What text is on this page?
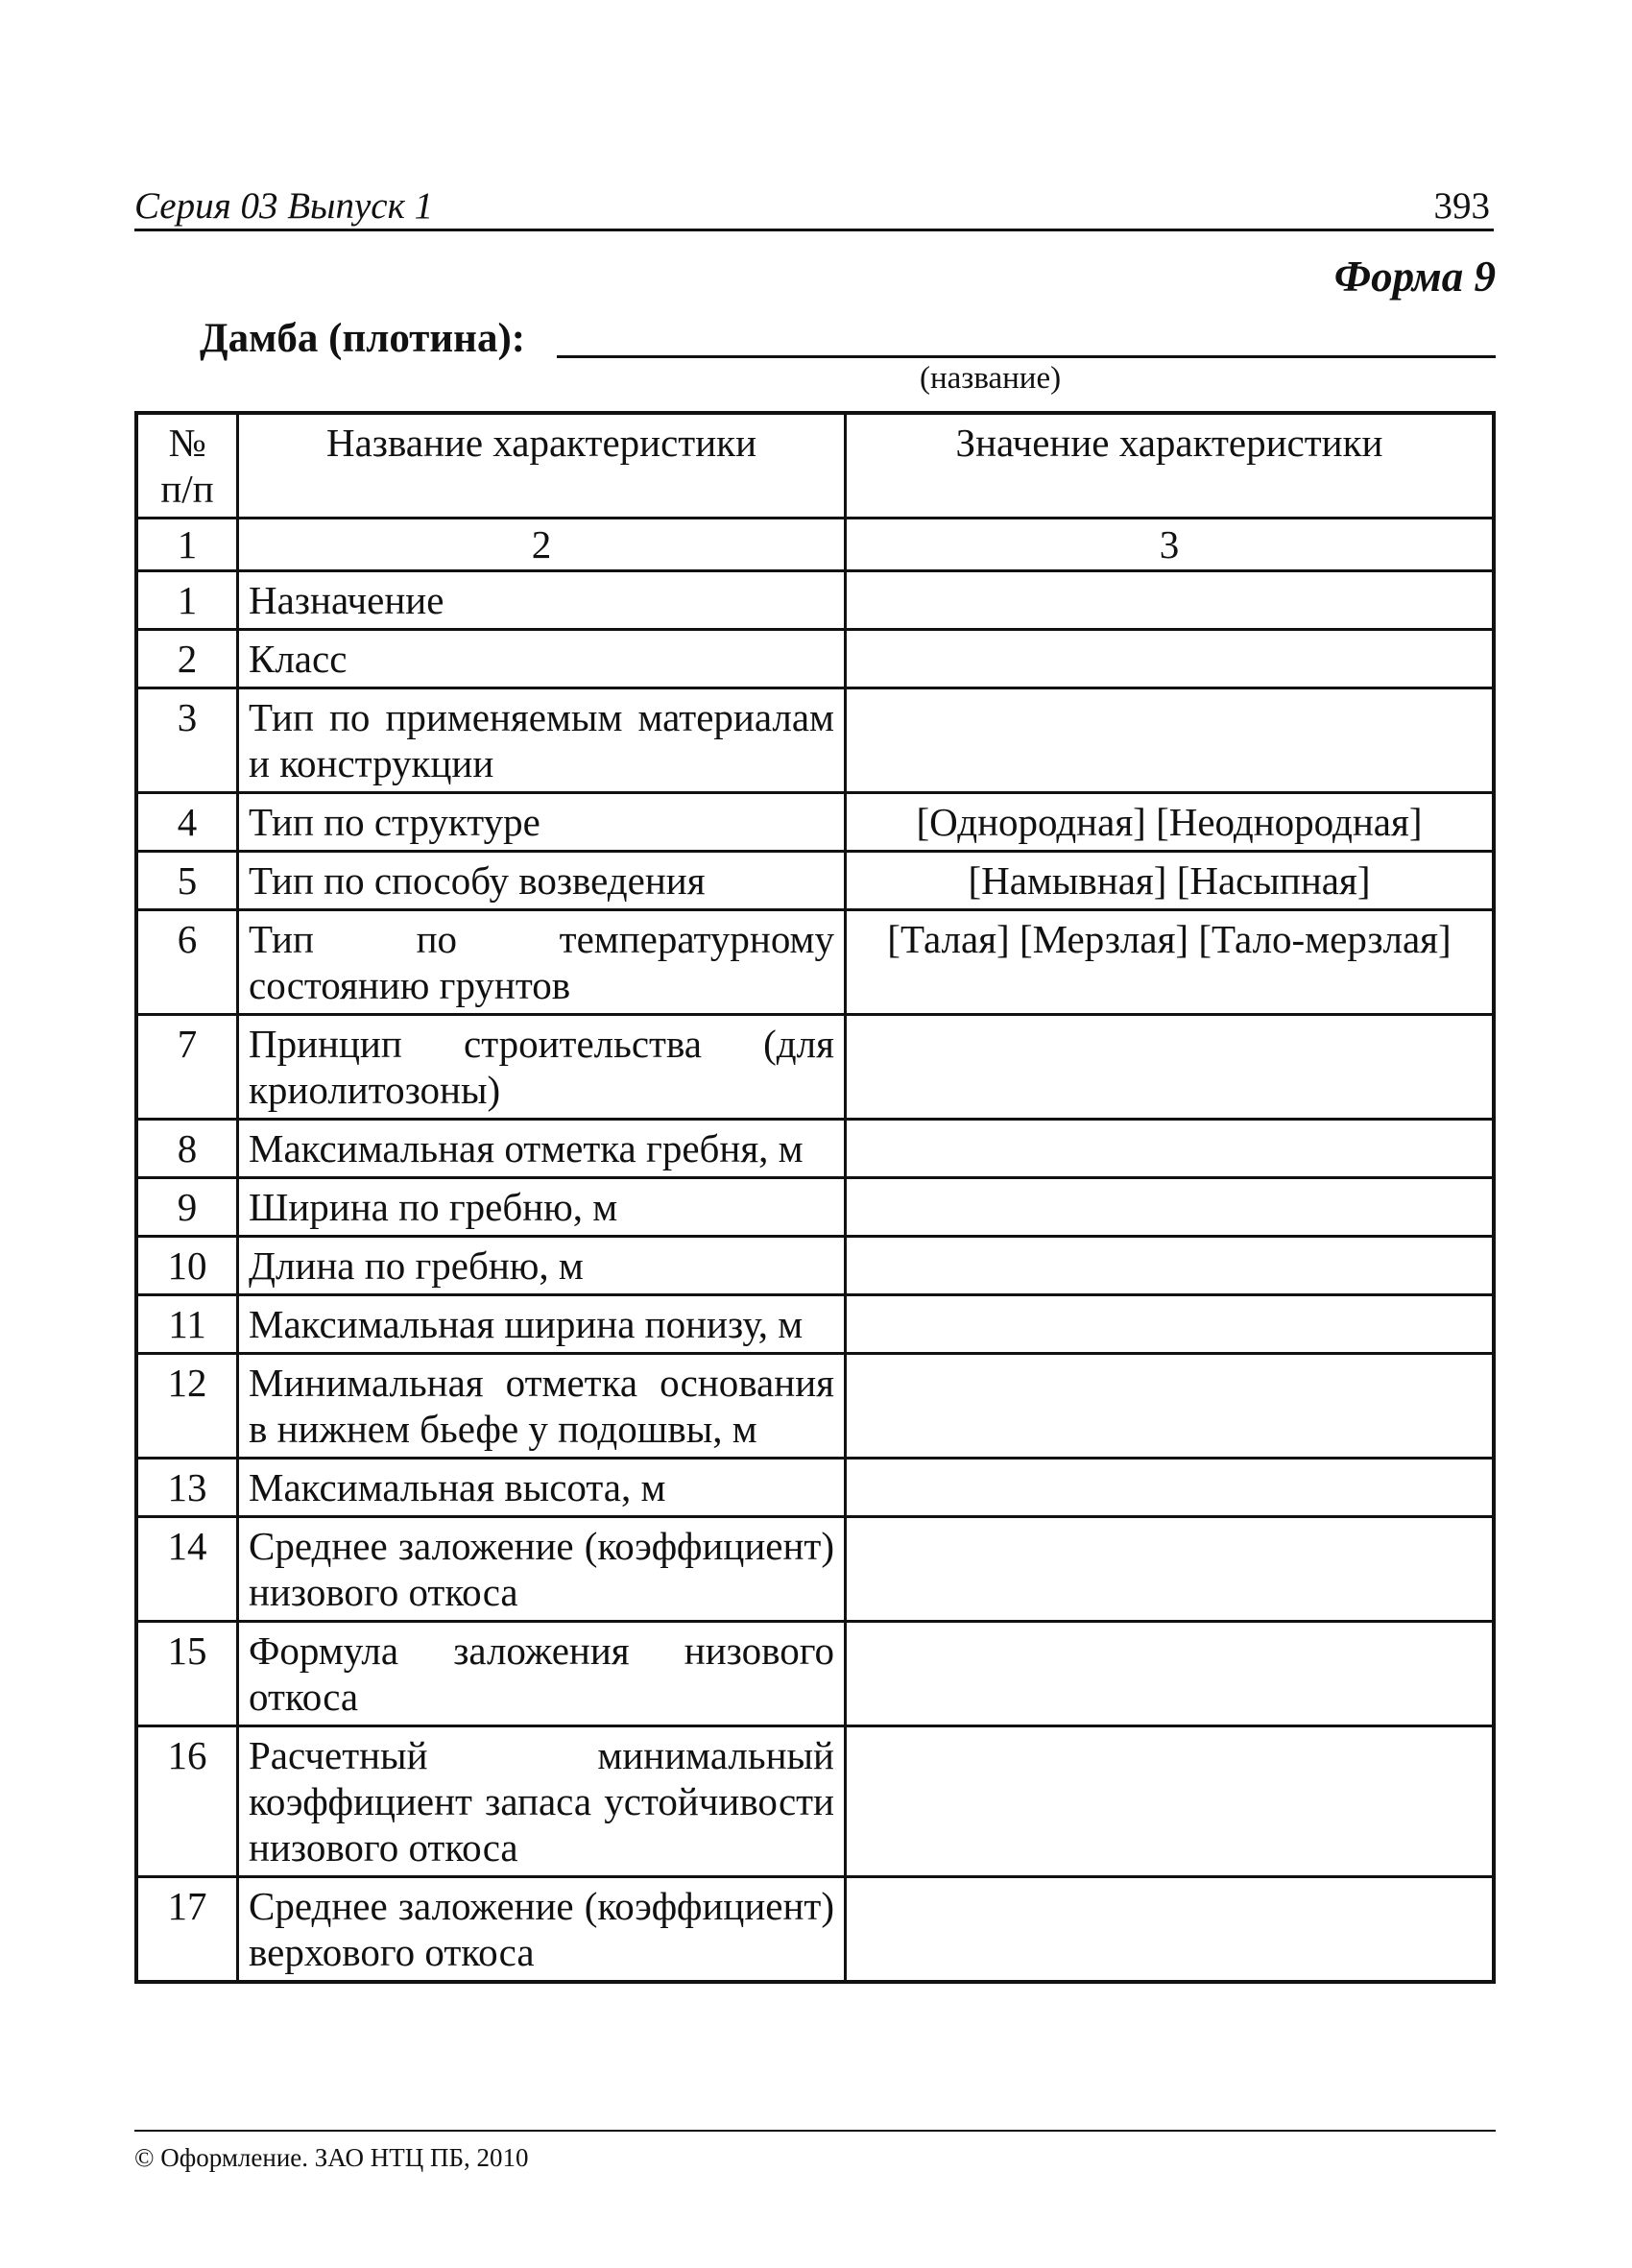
Серия 03 Выпуск 1	393
Форма 9
Дамба (плотина):
(название)
№
п/п	Название характеристики	Значение характеристики
1	2	3
1	Назначение	
2	Класс	
3	Тип по применяемым материалам и конструкции	
4	Тип по структуре	[Однородная] [Неоднородная]
5	Тип по способу возведения	[Намывная] [Насыпная]
6	Тип по температурному состоянию грунтов	[Талая] [Мерзлая] [Тало-мерзлая]
7	Принцип строительства (для криолитозоны)	
8	Максимальная отметка гребня, м	
9	Ширина по гребню, м	
10	Длина по гребню, м	
11	Максимальная ширина понизу, м	
12	Минимальная отметка основания в нижнем бьефе у подошвы, м	
13	Максимальная высота, м	
14	Среднее заложение (коэффициент) низового откоса	
15	Формула заложения низового откоса	
16	Расчетный минимальный коэффициент запаса устойчивости низового откоса	
17	Среднее заложение (коэффициент) верхового откоса	
© Оформление. ЗАО НТЦ ПБ, 2010
